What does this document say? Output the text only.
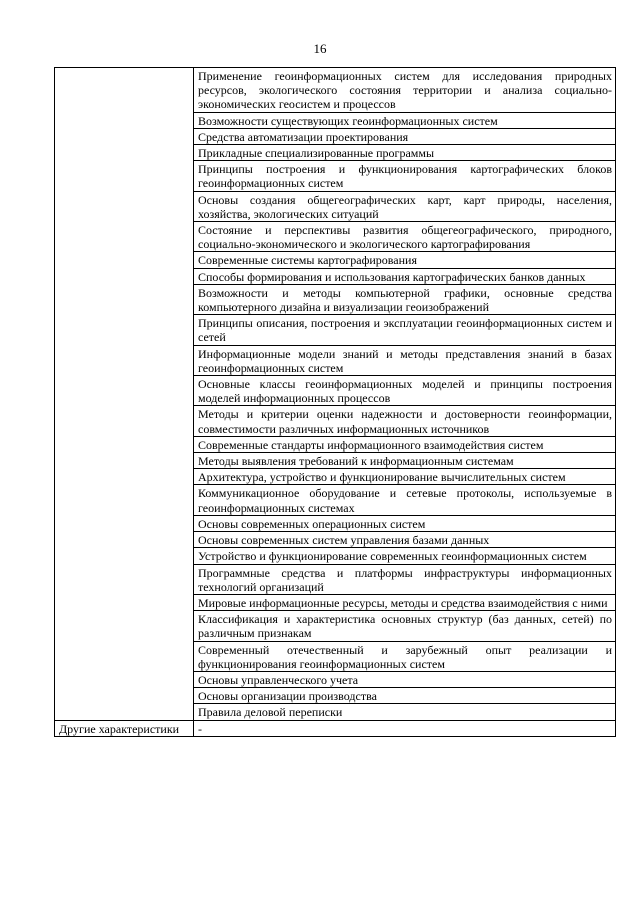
16
	Применение геоинформационных систем для исследования природных ресурсов, экологического состояния территории и анализа социально-экономических геосистем и процессов
	Возможности существующих геоинформационных систем
	Средства автоматизации проектирования
	Прикладные специализированные программы
	Принципы построения и функционирования картографических блоков геоинформационных систем
	Основы создания общегеографических карт, карт природы, населения, хозяйства, экологических ситуаций
	Состояние и перспективы развития общегеографического, природного, социально-экономического и экологического картографирования
	Современные системы картографирования
	Способы формирования и использования картографических банков данных
	Возможности и методы компьютерной графики, основные средства компьютерного дизайна и визуализации геоизображений
	Принципы описания, построения и эксплуатации геоинформационных систем и сетей
	Информационные модели знаний и методы представления знаний в базах геоинформационных систем
	Основные классы геоинформационных моделей и принципы построения моделей информационных процессов
	Методы и критерии оценки надежности и достоверности геоинформации, совместимости различных информационных источников
	Современные стандарты информационного взаимодействия систем
	Методы выявления требований к информационным системам
	Архитектура, устройство и функционирование вычислительных систем
	Коммуникационное оборудование и сетевые протоколы, используемые в геоинформационных системах
	Основы современных операционных систем
	Основы современных систем управления базами данных
	Устройство и функционирование современных геоинформационных систем
	Программные средства и платформы инфраструктуры информационных технологий организаций
	Мировые информационные ресурсы, методы и средства взаимодействия с ними
	Классификация и характеристика основных структур (баз данных, сетей) по различным признакам
	Современный отечественный и зарубежный опыт реализации и функционирования геоинформационных систем
	Основы управленческого учета
	Основы организации производства
	Правила деловой переписки
Другие характеристики	-
